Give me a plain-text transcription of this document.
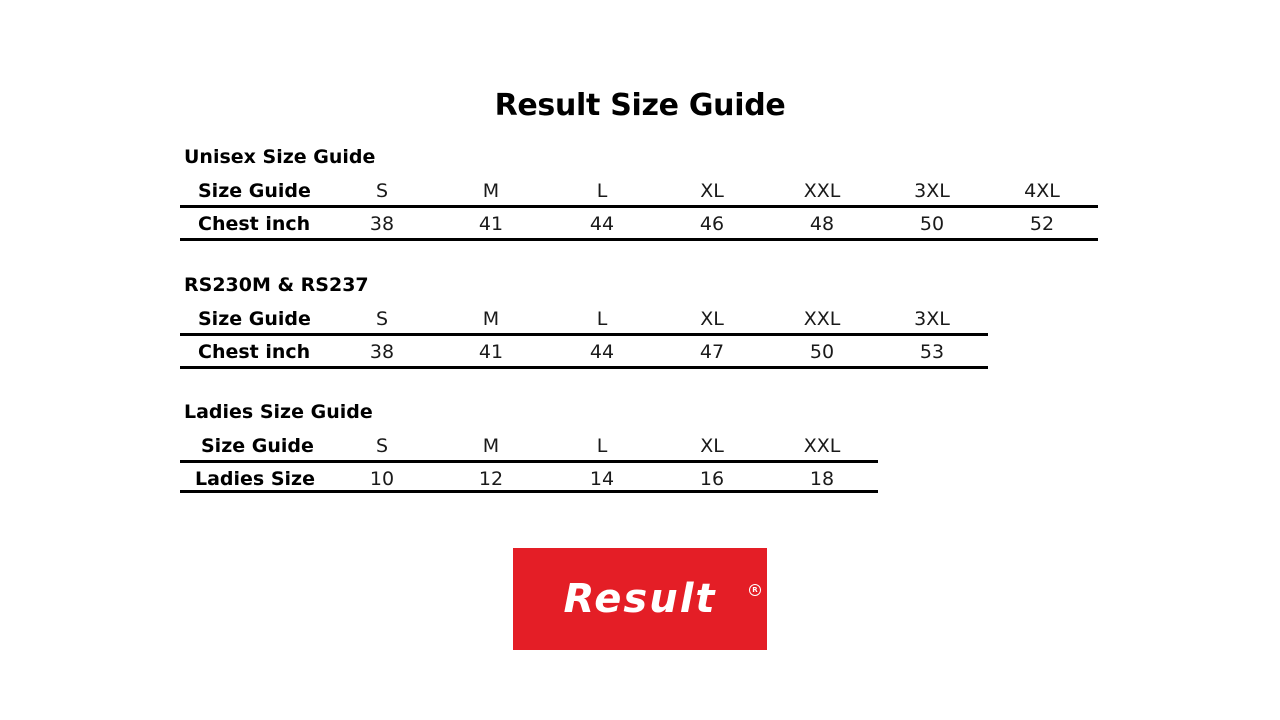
Result Size Guide
Unisex Size Guide
Size Guide	S	M	L	XL	XXL	3XL	4XL
Chest inch	38	41	44	46	48	50	52
RS230M & RS237
Size Guide	S	M	L	XL	XXL	3XL
Chest inch	38	41	44	47	50	53
Ladies Size Guide
Size Guide	S	M	L	XL	XXL
Ladies Size	10	12	14	16	18
Result	R
